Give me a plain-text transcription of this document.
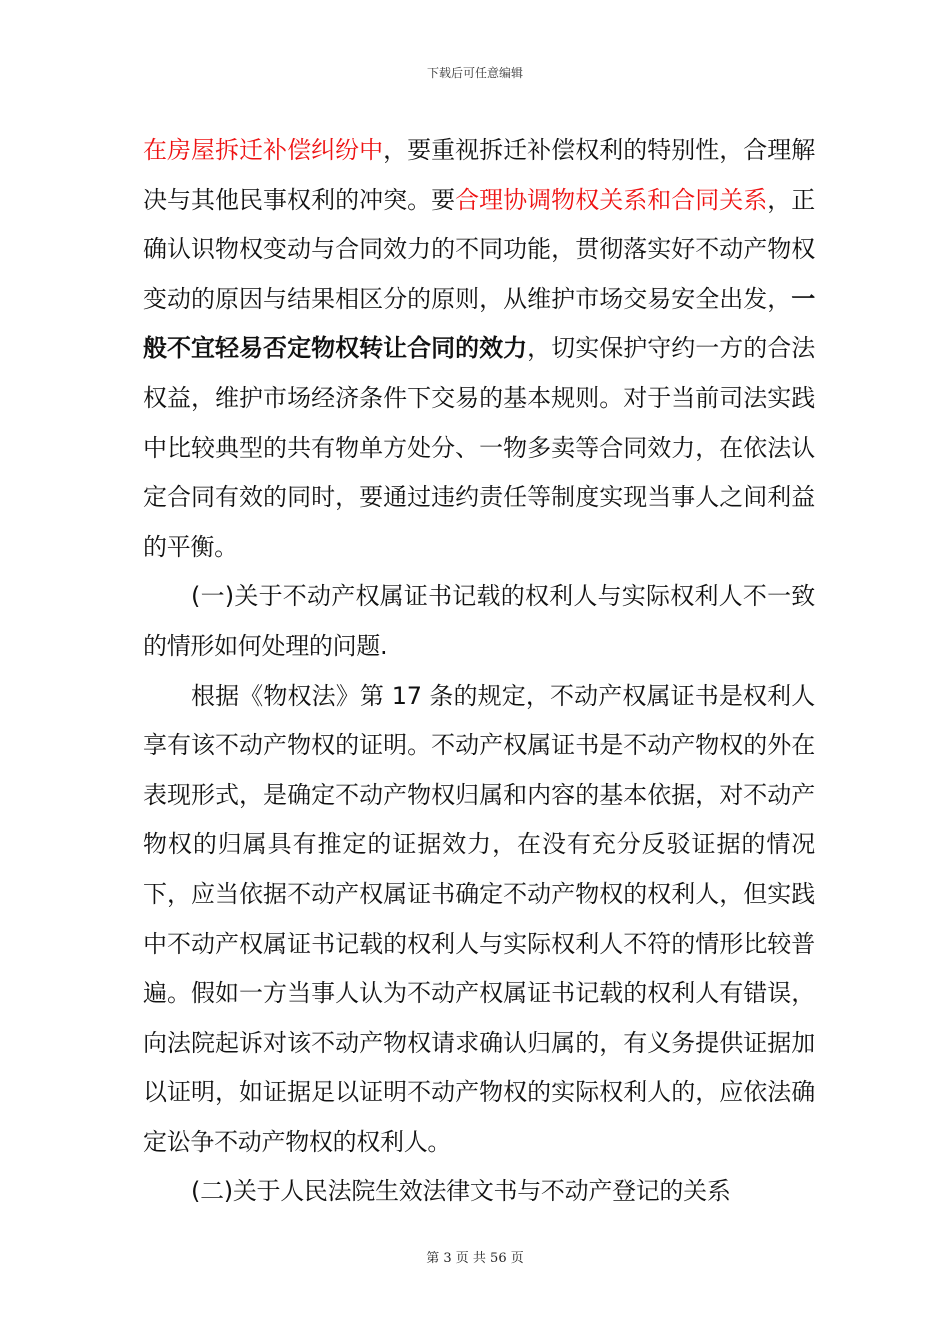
下载后可任意编辑

在房屋拆迁补偿纠纷中，要重视拆迁补偿权利的特别性，合理解决与其他民事权利的冲突。要合理协调物权关系和合同关系，正确认识物权变动与合同效力的不同功能，贯彻落实好不动产物权变动的原因与结果相区分的原则，从维护市场交易安全出发，一般不宜轻易否定物权转让合同的效力，切实保护守约一方的合法权益，维护市场经济条件下交易的基本规则。对于当前司法实践中比较典型的共有物单方处分、一物多卖等合同效力，在依法认定合同有效的同时，要通过违约责任等制度实现当事人之间利益的平衡。

(一)关于不动产权属证书记载的权利人与实际权利人不一致的情形如何处理的问题.

根据《物权法》第 17 条的规定，不动产权属证书是权利人享有该不动产物权的证明。不动产权属证书是不动产物权的外在表现形式，是确定不动产物权归属和内容的基本依据，对不动产物权的归属具有推定的证据效力，在没有充分反驳证据的情况下，应当依据不动产权属证书确定不动产物权的权利人，但实践中不动产权属证书记载的权利人与实际权利人不符的情形比较普遍。假如一方当事人认为不动产权属证书记载的权利人有错误，向法院起诉对该不动产物权请求确认归属的，有义务提供证据加以证明，如证据足以证明不动产物权的实际权利人的，应依法确定讼争不动产物权的权利人。

(二)关于人民法院生效法律文书与不动产登记的关系

第 3 页 共 56 页
